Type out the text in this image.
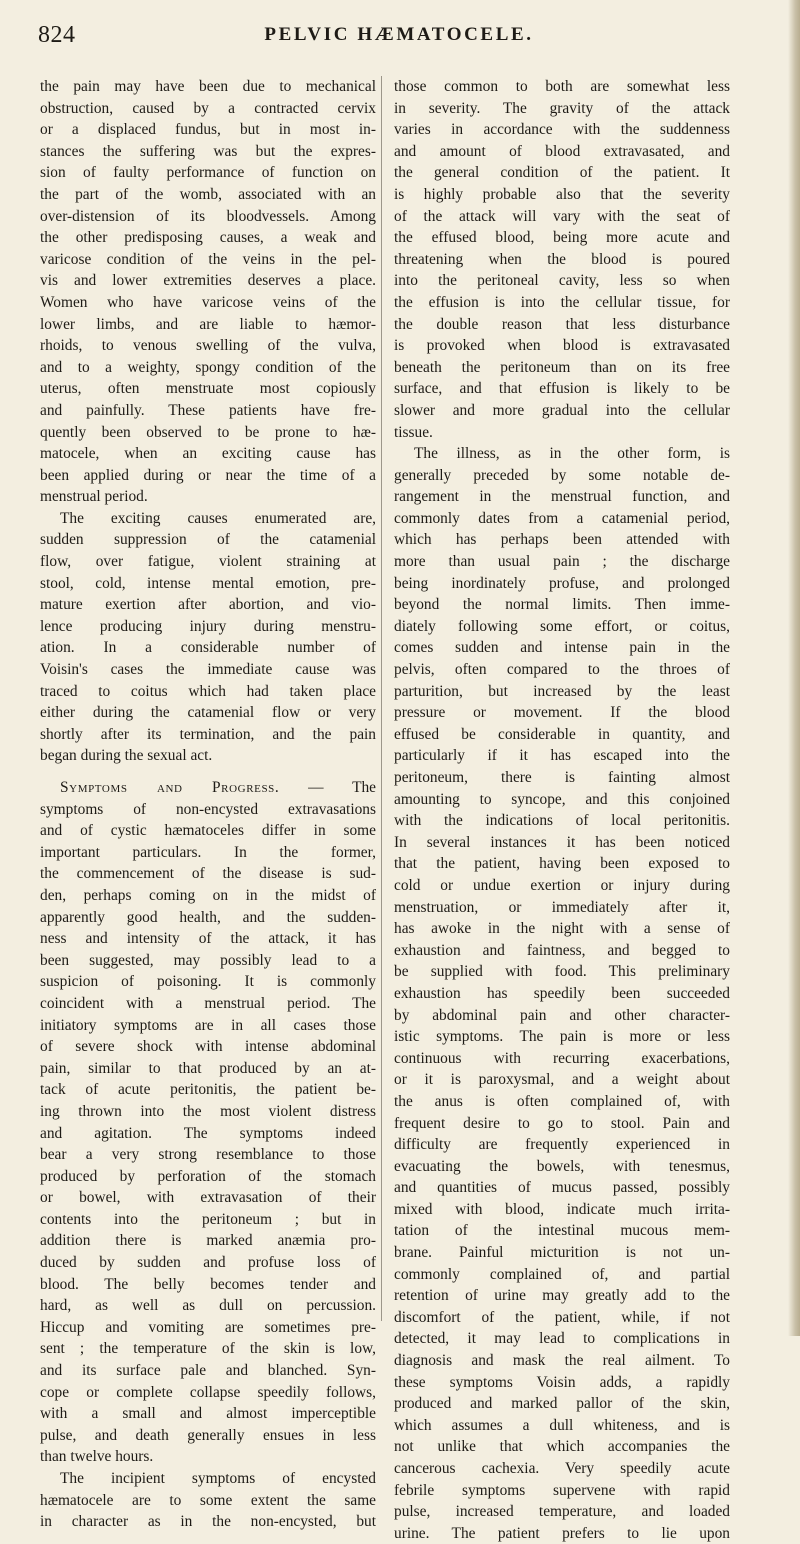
824	PELVIC HÆMATOCELE.
the pain may have been due to mechanical
obstruction, caused by a contracted cervix
or a displaced fundus, but in most in-
stances the suffering was but the expres-
sion of faulty performance of function on
the part of the womb, associated with an
over-distension of its bloodvessels. Among
the other predisposing causes, a weak and
varicose condition of the veins in the pel-
vis and lower extremities deserves a place.
Women who have varicose veins of the
lower limbs, and are liable to hæmor-
rhoids, to venous swelling of the vulva,
and to a weighty, spongy condition of the
uterus, often menstruate most copiously
and painfully. These patients have fre-
quently been observed to be prone to hæ-
matocele, when an exciting cause has
been applied during or near the time of a
menstrual period.
The exciting causes enumerated are,
sudden suppression of the catamenial
flow, over fatigue, violent straining at
stool, cold, intense mental emotion, pre-
mature exertion after abortion, and vio-
lence producing injury during menstru-
ation. In a considerable number of
Voisin's cases the immediate cause was
traced to coitus which had taken place
either during the catamenial flow or very
shortly after its termination, and the pain
began during the sexual act.
Symptoms and Progress. — The
symptoms of non-encysted extravasations
and of cystic hæmatoceles differ in some
important particulars. In the former,
the commencement of the disease is sud-
den, perhaps coming on in the midst of
apparently good health, and the sudden-
ness and intensity of the attack, it has
been suggested, may possibly lead to a
suspicion of poisoning. It is commonly
coincident with a menstrual period. The
initiatory symptoms are in all cases those
of severe shock with intense abdominal
pain, similar to that produced by an at-
tack of acute peritonitis, the patient be-
ing thrown into the most violent distress
and agitation. The symptoms indeed
bear a very strong resemblance to those
produced by perforation of the stomach
or bowel, with extravasation of their
contents into the peritoneum ; but in
addition there is marked anæmia pro-
duced by sudden and profuse loss of
blood. The belly becomes tender and
hard, as well as dull on percussion.
Hiccup and vomiting are sometimes pre-
sent ; the temperature of the skin is low,
and its surface pale and blanched. Syn-
cope or complete collapse speedily follows,
with a small and almost imperceptible
pulse, and death generally ensues in less
than twelve hours.
The incipient symptoms of encysted
hæmatocele are to some extent the same
in character as in the non-encysted, but
those common to both are somewhat less
in severity. The gravity of the attack
varies in accordance with the suddenness
and amount of blood extravasated, and
the general condition of the patient. It
is highly probable also that the severity
of the attack will vary with the seat of
the effused blood, being more acute and
threatening when the blood is poured
into the peritoneal cavity, less so when
the effusion is into the cellular tissue, for
the double reason that less disturbance
is provoked when blood is extravasated
beneath the peritoneum than on its free
surface, and that effusion is likely to be
slower and more gradual into the cellular
tissue.
The illness, as in the other form, is
generally preceded by some notable de-
rangement in the menstrual function, and
commonly dates from a catamenial period,
which has perhaps been attended with
more than usual pain ; the discharge
being inordinately profuse, and prolonged
beyond the normal limits. Then imme-
diately following some effort, or coitus,
comes sudden and intense pain in the
pelvis, often compared to the throes of
parturition, but increased by the least
pressure or movement. If the blood
effused be considerable in quantity, and
particularly if it has escaped into the
peritoneum, there is fainting almost
amounting to syncope, and this conjoined
with the indications of local peritonitis.
In several instances it has been noticed
that the patient, having been exposed to
cold or undue exertion or injury during
menstruation, or immediately after it,
has awoke in the night with a sense of
exhaustion and faintness, and begged to
be supplied with food. This preliminary
exhaustion has speedily been succeeded
by abdominal pain and other character-
istic symptoms. The pain is more or less
continuous with recurring exacerbations,
or it is paroxysmal, and a weight about
the anus is often complained of, with
frequent desire to go to stool. Pain and
difficulty are frequently experienced in
evacuating the bowels, with tenesmus,
and quantities of mucus passed, possibly
mixed with blood, indicate much irrita-
tation of the intestinal mucous mem-
brane. Painful micturition is not un-
commonly complained of, and partial
retention of urine may greatly add to the
discomfort of the patient, while, if not
detected, it may lead to complications in
diagnosis and mask the real ailment. To
these symptoms Voisin adds, a rapidly
produced and marked pallor of the skin,
which assumes a dull whiteness, and is
not unlike that which accompanies the
cancerous cachexia. Very speedily acute
febrile symptoms supervene with rapid
pulse, increased temperature, and loaded
urine. The patient prefers to lie upon
